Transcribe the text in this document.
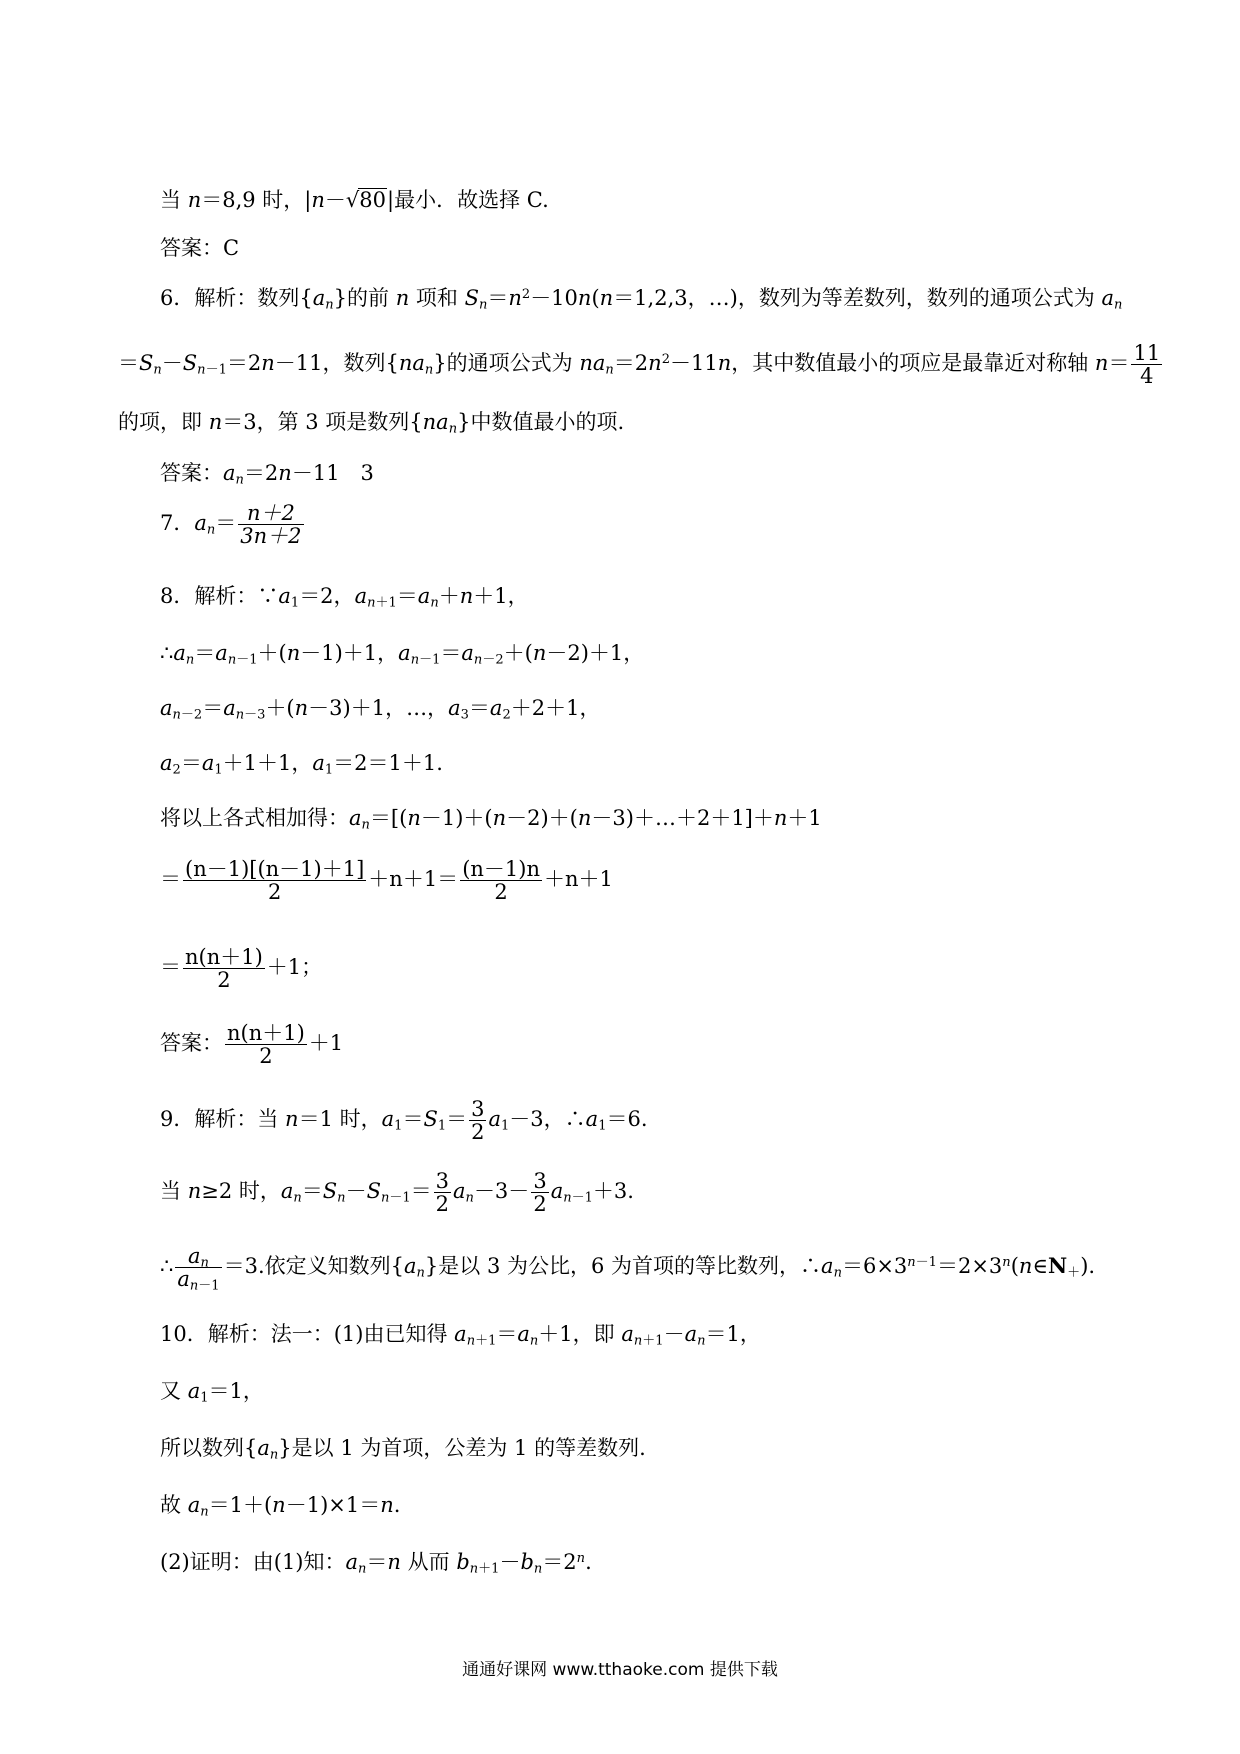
当 n＝8,9 时，|n－√80|最小．故选择 C.
答案：C
6．解析：数列$\{a_n\}$的前 n 项和 $S_n=n^2-10n(n=1,2,3$，…)，数列为等差数列，数列的通项公式为 $a_n$
$=S_n-S_{n-1}=2n-11$，数列$\{na_n\}$的通项公式为 $na_n=2n^2-11n$，其中数值最小的项应是最靠近对称轴 $n= \frac{11}{4}$
的项，即 n＝3，第 3 项是数列$\{na_n\}$中数值最小的项.
答案：$a_n=2n-11$　3
7．$a_n= \frac{n+2}{3n+2}$
8．解析：$\because a_1=2$，$a_{n+1}=a_n+n+1$，
$\therefore a_n=a_{n-1}+(n-1)+1$，$a_{n-1}=a_{n-2}+(n-2)+1$，
$a_{n-2}=a_{n-3}+(n-3)+1$，…，$a_3=a_2+2+1$，
$a_2=a_1+1+1$，$a_1=2=1+1$.
将以上各式相加得：$a_n=[(n-1)+(n-2)+(n-3)+\dots+2+1]+n+1$
＝ $\frac{(n-1)[(n-1)+1]}{2} +n+1= \frac{(n-1)n}{2} +n+1$
＝ $\frac{n(n+1)}{2} +1$；
答案： $\frac{n(n+1)}{2} +1$
9．解析：当 n＝1 时，$a_1=S_1= \frac{3}{2} a_1-3$，$\therefore a_1=6$.
当 n≥2 时，$a_n=S_n-S_{n-1}= \frac{3}{2} a_n-3- \frac{3}{2} a_{n-1}+3$.
∴ $\frac{a_n}{a_{n-1}} =3$.依定义知数列$\{a_n\}$是以 3 为公比，6 为首项的等比数列，$\therefore a_n=6\times 3^{n-1}=2\times 3^n(n\in N_+)$.
10．解析：法一：(1)由已知得 $a_{n+1}=a_n+1$，即 $a_{n+1}-a_n=1$，
又 $a_1=1$，
所以数列$\{a_n\}$是以 1 为首项，公差为 1 的等差数列.
故 $a_n=1+(n-1)\times 1=n$.
(2)证明：由(1)知：$a_n=n$ 从而 $b_{n+1}-b_n=2^n$.
通通好课网 www.tthaoke.com 提供下载
